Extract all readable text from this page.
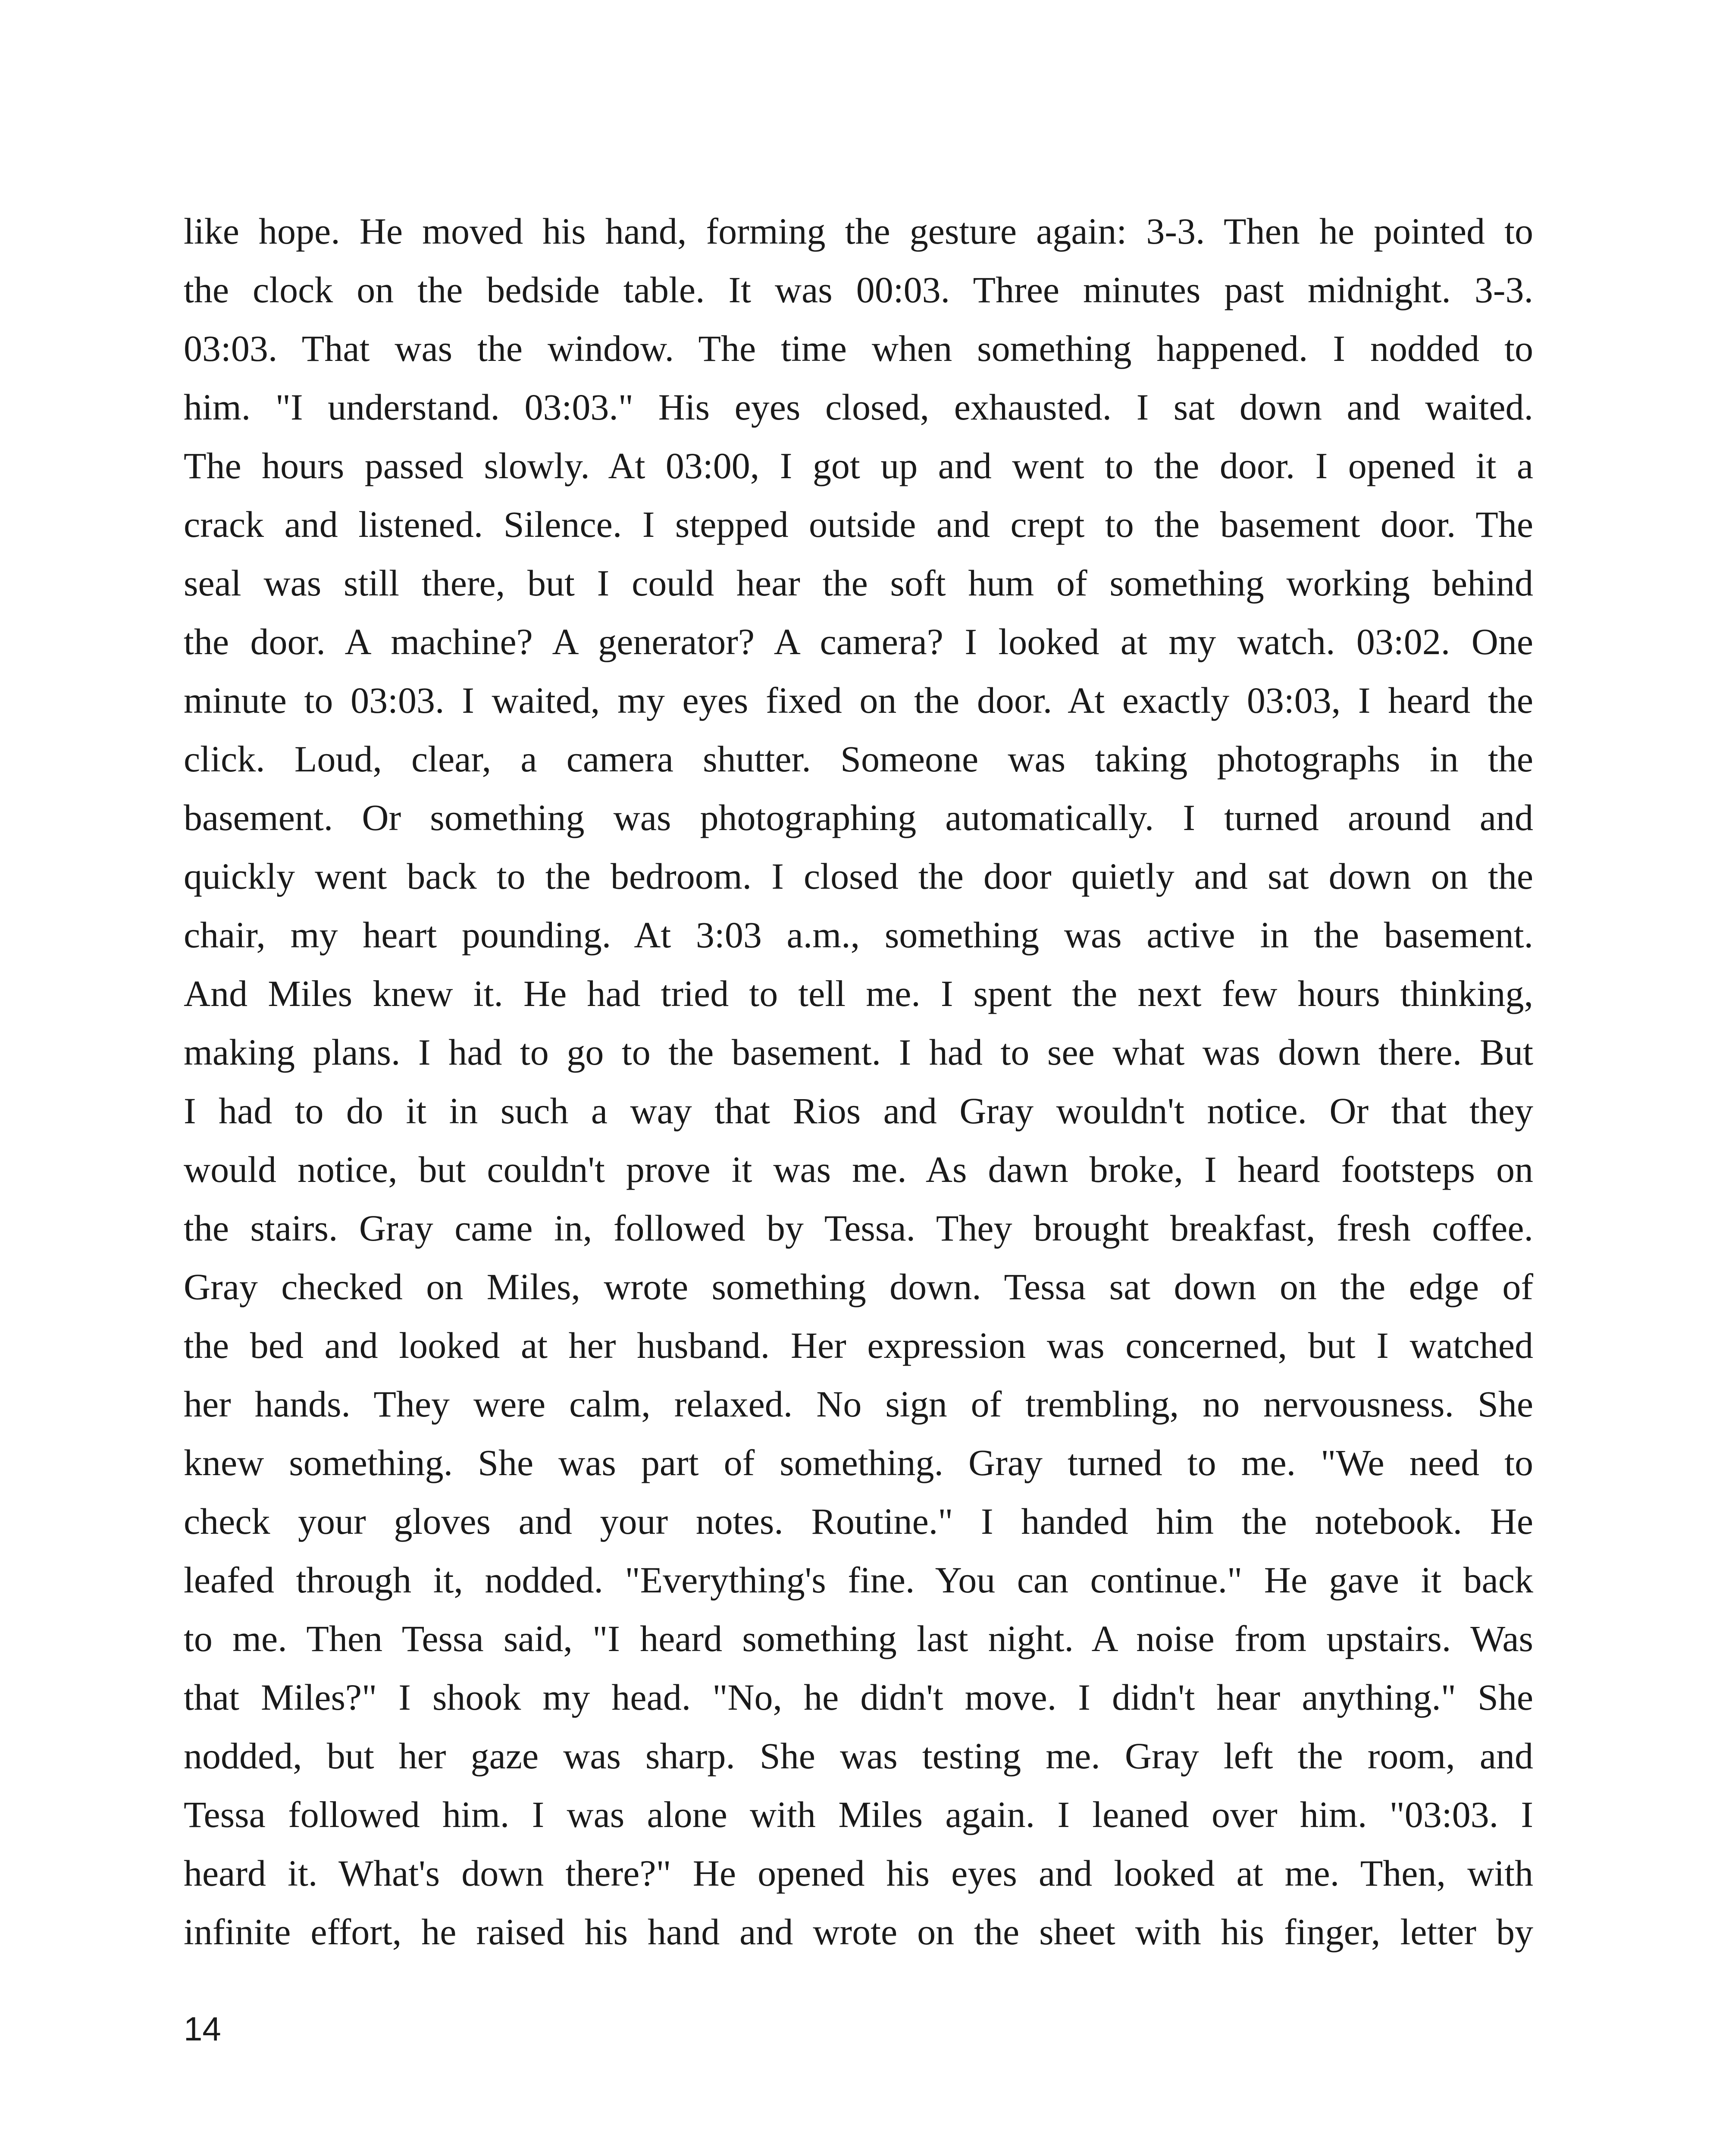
like hope. He moved his hand, forming the gesture again: 3-3. Then he pointed to
the clock on the bedside table. It was 00:03. Three minutes past midnight. 3-3.
03:03. That was the window. The time when something happened. I nodded to
him. "I understand. 03:03." His eyes closed, exhausted. I sat down and waited.
The hours passed slowly. At 03:00, I got up and went to the door. I opened it a
crack and listened. Silence. I stepped outside and crept to the basement door. The
seal was still there, but I could hear the soft hum of something working behind
the door. A machine? A generator? A camera? I looked at my watch. 03:02. One
minute to 03:03. I waited, my eyes fixed on the door. At exactly 03:03, I heard the
click. Loud, clear, a camera shutter. Someone was taking photographs in the
basement. Or something was photographing automatically. I turned around and
quickly went back to the bedroom. I closed the door quietly and sat down on the
chair, my heart pounding. At 3:03 a.m., something was active in the basement.
And Miles knew it. He had tried to tell me. I spent the next few hours thinking,
making plans. I had to go to the basement. I had to see what was down there. But
I had to do it in such a way that Rios and Gray wouldn't notice. Or that they
would notice, but couldn't prove it was me. As dawn broke, I heard footsteps on
the stairs. Gray came in, followed by Tessa. They brought breakfast, fresh coffee.
Gray checked on Miles, wrote something down. Tessa sat down on the edge of
the bed and looked at her husband. Her expression was concerned, but I watched
her hands. They were calm, relaxed. No sign of trembling, no nervousness. She
knew something. She was part of something. Gray turned to me. "We need to
check your gloves and your notes. Routine." I handed him the notebook. He
leafed through it, nodded. "Everything's fine. You can continue." He gave it back
to me. Then Tessa said, "I heard something last night. A noise from upstairs. Was
that Miles?" I shook my head. "No, he didn't move. I didn't hear anything." She
nodded, but her gaze was sharp. She was testing me. Gray left the room, and
Tessa followed him. I was alone with Miles again. I leaned over him. "03:03. I
heard it. What's down there?" He opened his eyes and looked at me. Then, with
infinite effort, he raised his hand and wrote on the sheet with his finger, letter by
14
